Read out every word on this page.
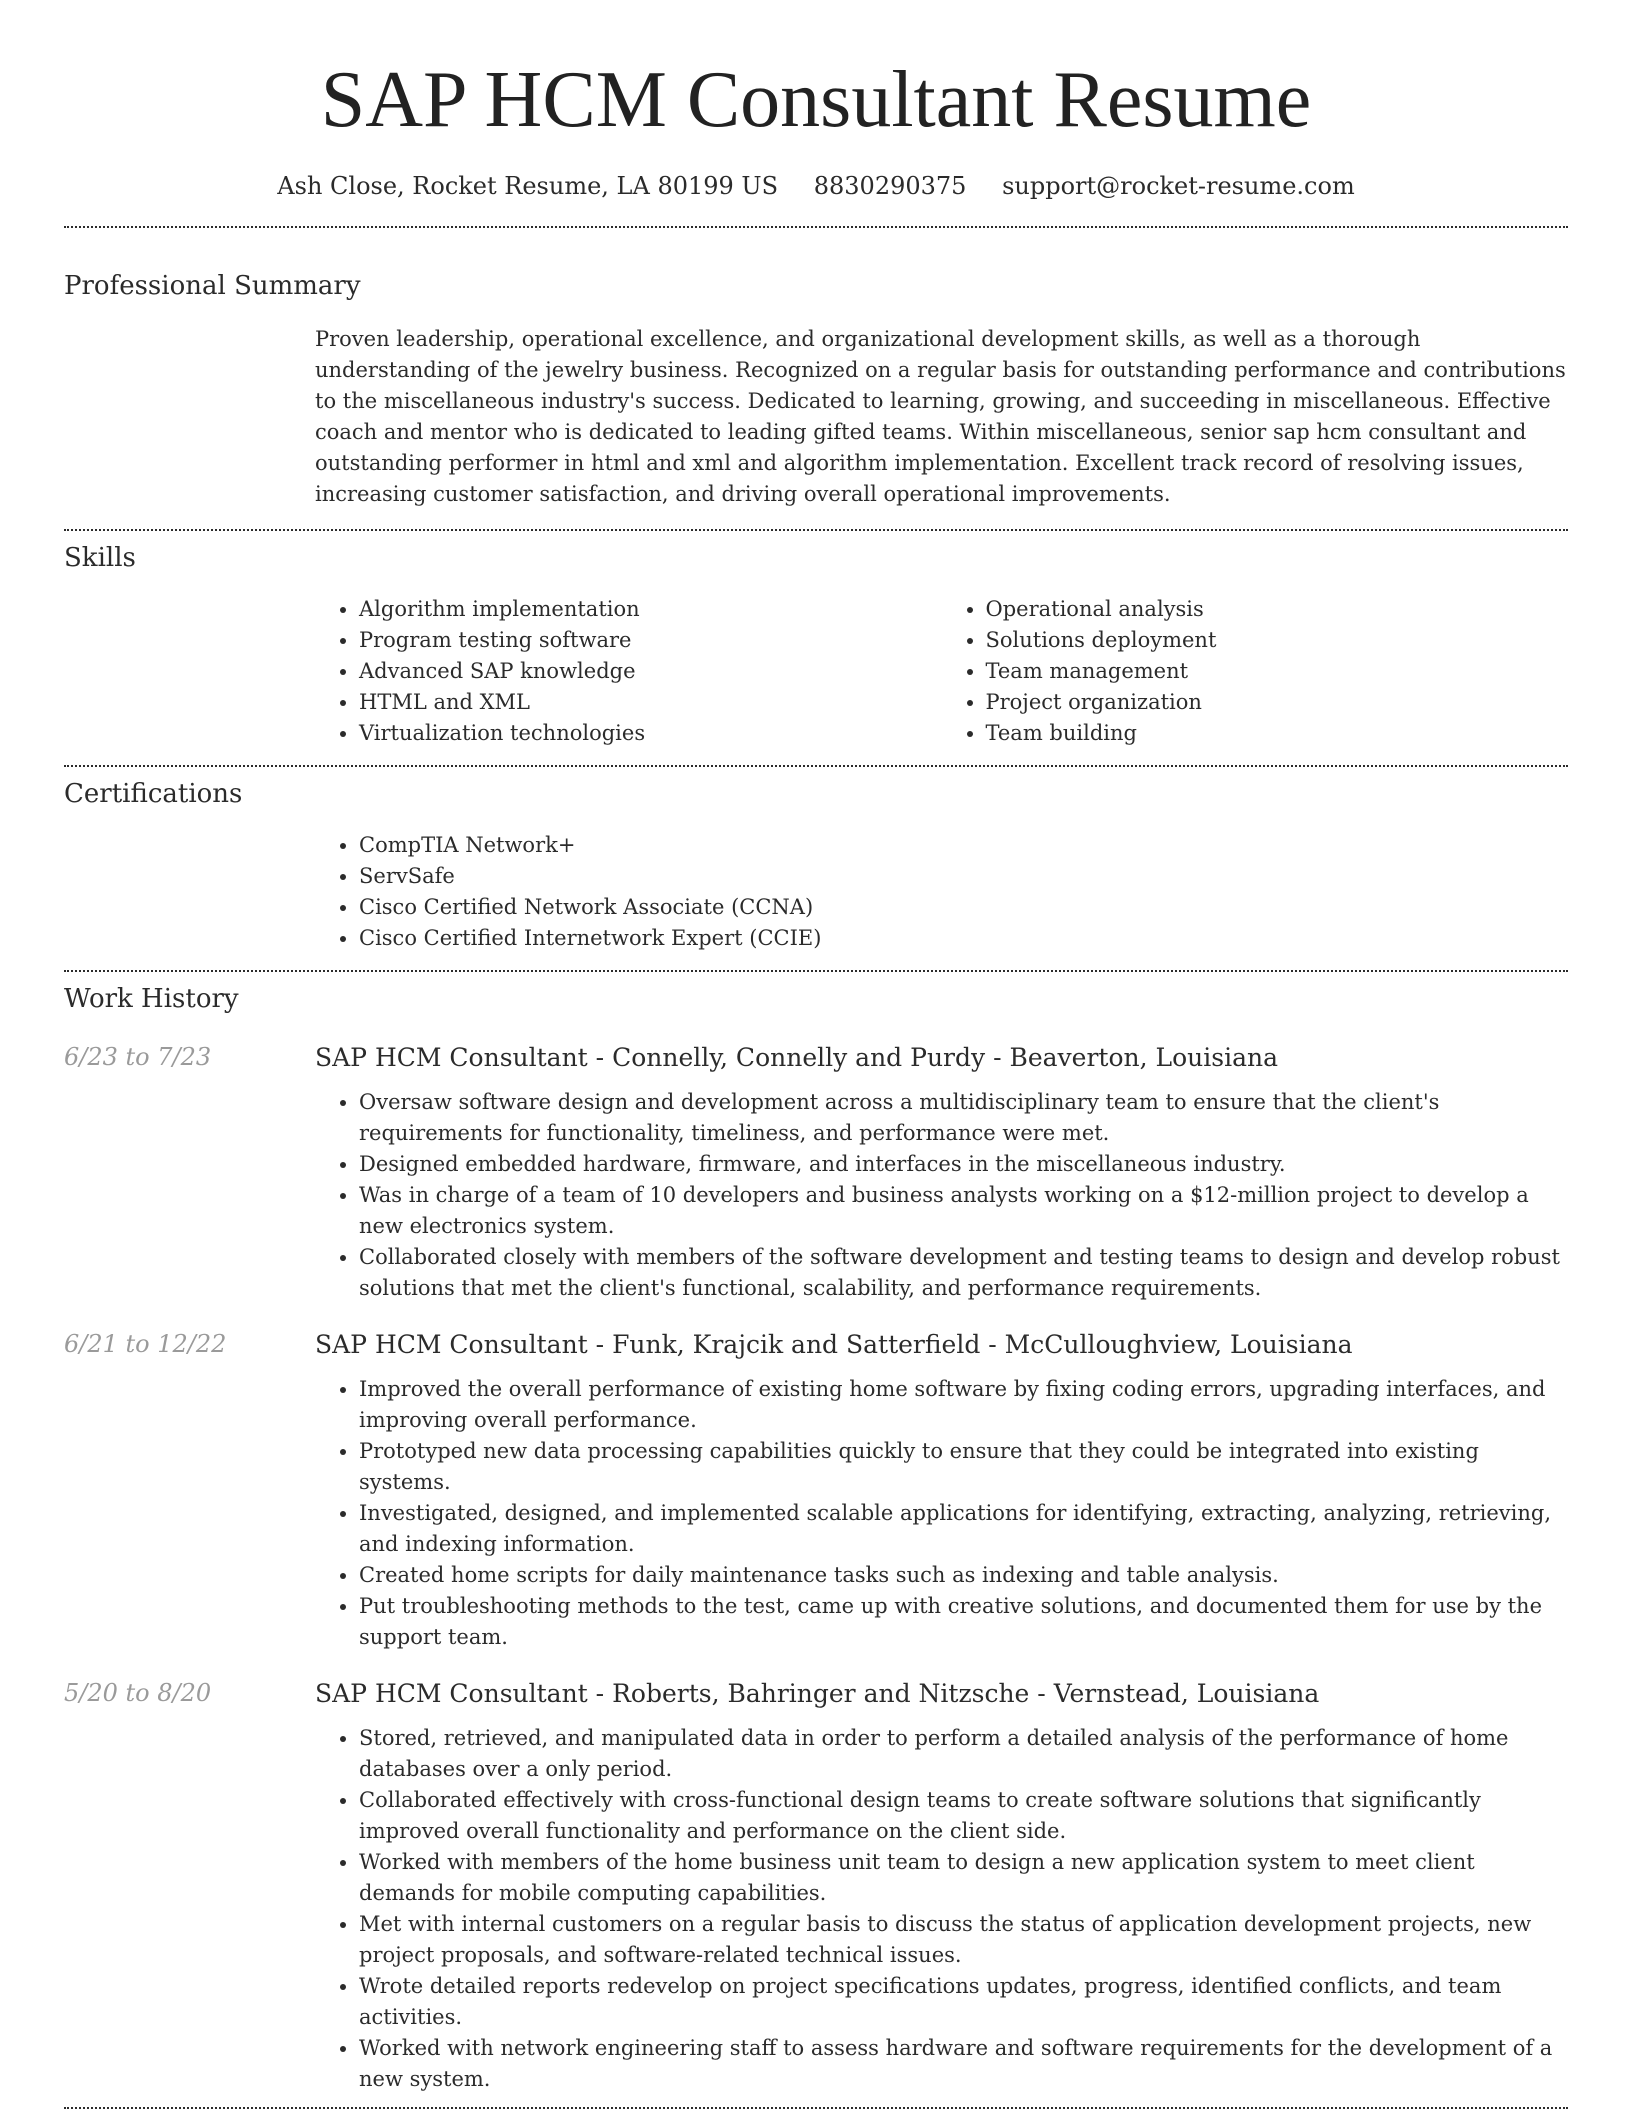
SAP HCM Consultant Resume
Ash Close, Rocket Resume, LA 80199 US 8830290375 support@rocket-resume.com
Professional Summary

Proven leadership, operational excellence, and organizational development skills, as well as a thorough understanding of the jewelry business. Recognized on a regular basis for outstanding performance and contributions to the miscellaneous industry's success. Dedicated to learning, growing, and succeeding in miscellaneous. Effective coach and mentor who is dedicated to leading gifted teams. Within miscellaneous, senior sap hcm consultant and outstanding performer in html and xml and algorithm implementation. Excellent track record of resolving issues, increasing customer satisfaction, and driving overall operational improvements.

Skills
• Algorithm implementation
• Program testing software
• Advanced SAP knowledge
• HTML and XML
• Virtualization technologies
• Operational analysis
• Solutions deployment
• Team management
• Project organization
• Team building
Certifications
• CompTIA Network+
• ServSafe
• Cisco Certified Network Associate (CCNA)
• Cisco Certified Internetwork Expert (CCIE)
Work History
6/23 to 7/23	SAP HCM Consultant - Connelly, Connelly and Purdy - Beaverton, Louisiana
• Oversaw software design and development across a multidisciplinary team to ensure that the client's requirements for functionality, timeliness, and performance were met.
• Designed embedded hardware, firmware, and interfaces in the miscellaneous industry.
• Was in charge of a team of 10 developers and business analysts working on a $12-million project to develop a new electronics system.
• Collaborated closely with members of the software development and testing teams to design and develop robust solutions that met the client's functional, scalability, and performance requirements.
6/21 to 12/22	SAP HCM Consultant - Funk, Krajcik and Satterfield - McCulloughview, Louisiana
• Improved the overall performance of existing home software by fixing coding errors, upgrading interfaces, and improving overall performance.
• Prototyped new data processing capabilities quickly to ensure that they could be integrated into existing systems.
• Investigated, designed, and implemented scalable applications for identifying, extracting, analyzing, retrieving, and indexing information.
• Created home scripts for daily maintenance tasks such as indexing and table analysis.
• Put troubleshooting methods to the test, came up with creative solutions, and documented them for use by the support team.
5/20 to 8/20	SAP HCM Consultant - Roberts, Bahringer and Nitzsche - Vernstead, Louisiana
• Stored, retrieved, and manipulated data in order to perform a detailed analysis of the performance of home databases over a only period.
• Collaborated effectively with cross-functional design teams to create software solutions that significantly improved overall functionality and performance on the client side.
• Worked with members of the home business unit team to design a new application system to meet client demands for mobile computing capabilities.
• Met with internal customers on a regular basis to discuss the status of application development projects, new project proposals, and software-related technical issues.
• Wrote detailed reports redevelop on project specifications updates, progress, identified conflicts, and team activities.
• Worked with network engineering staff to assess hardware and software requirements for the development of a new system.
